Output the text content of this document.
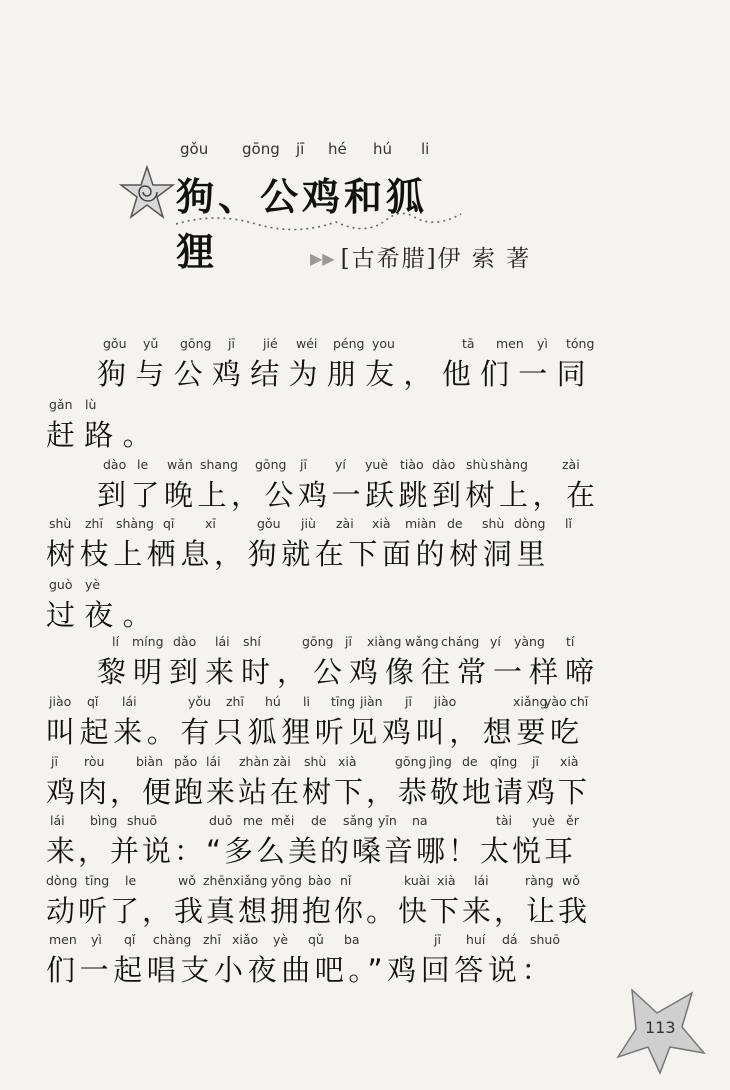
gǒu gōng jī hé hú li
狗、公鸡和狐狸	▶▶ [古希腊]伊 索 著
gǒu yǔ gōng jī jié wéi péng you	tā men yì tóng
狗与公鸡结为朋友，他们一同
gǎn lù
赶路。
dào le wǎn shang gōng jī yí yuè tiào dào shù shàng	zài
到了晚上，公鸡一跃跳到树上，在
shù zhī shàng qī xī	gǒu jiù zài xià miàn de shù dòng lǐ
树枝上栖息，狗就在下面的树洞里
guò yè
过夜。
lí míng dào lái shí	gōng jī xiàng wǎng cháng yí yàng tí
黎明到来时，公鸡像往常一样啼
jiào qǐ lái	yǒu zhī hú li tīng jiàn jī jiào	xiǎng
yào chī
叫起来。有只狐狸听见鸡叫，想要吃
jī ròu	biàn pǎo lái zhàn zài shù xià	gōng jìng de qǐng jī xià
鸡肉，便跑来站在树下，恭敬地请鸡下
lái bìng shuō	duō me měi de sǎng yīn na	tài yuè ěr
来，并说：“多么美的嗓音哪！太悦耳
dòng tīng le	wǒ zhēn xiǎng yōng bào nǐ	kuài xià lái	ràng wǒ
动听了，我真想拥抱你。快下来，让我
men yì qǐ chàng zhī xiǎo yè qǔ ba	jī huí dá shuō
们一起唱支小夜曲吧。”鸡回答说：
113
